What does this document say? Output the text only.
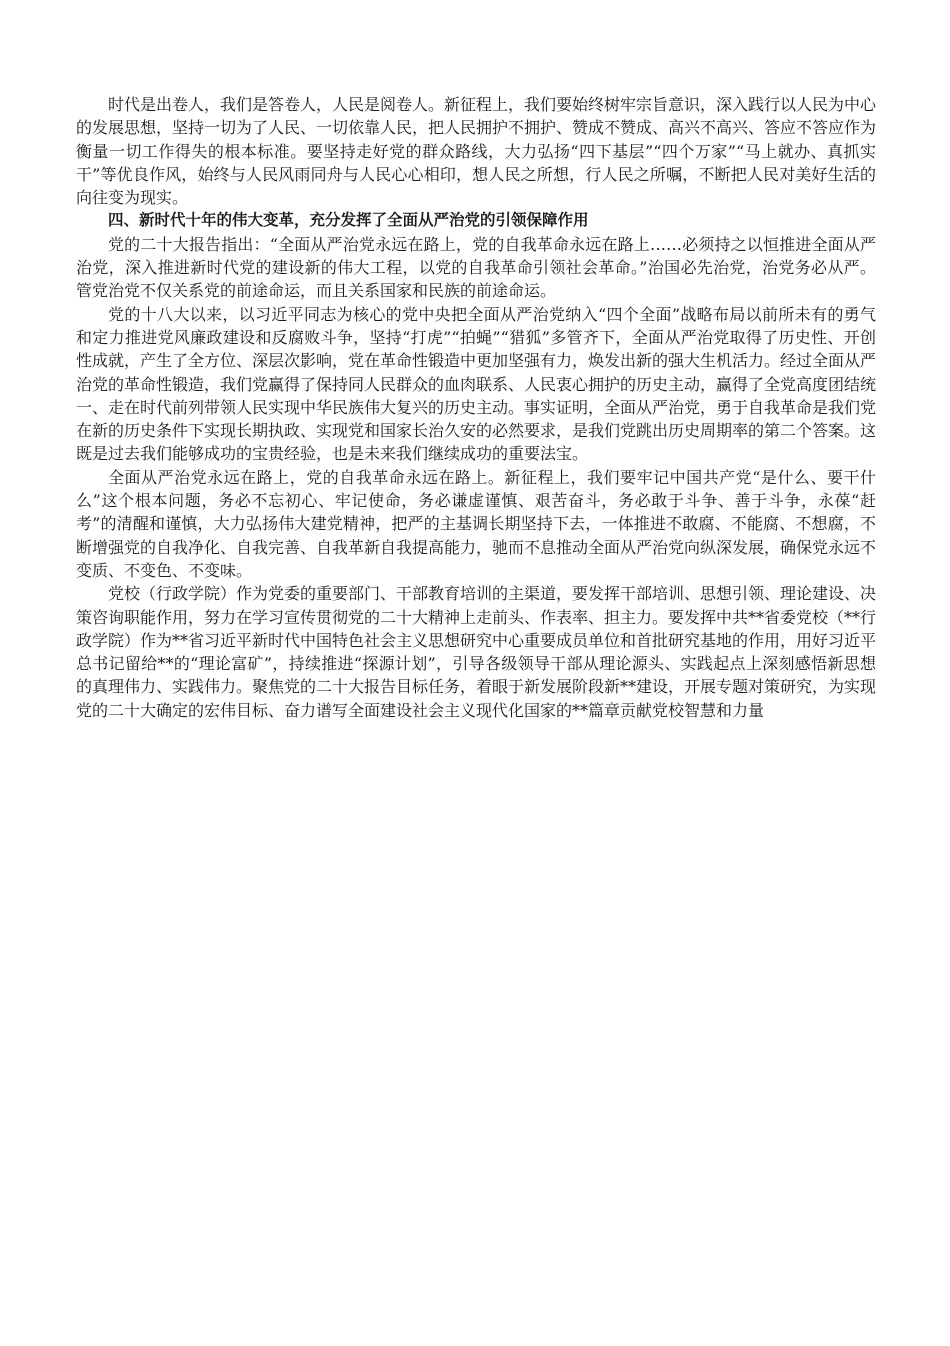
时代是出卷人，我们是答卷人，人民是阅卷人。新征程上，我们要始终树牢宗旨意识，深入践行以人民为中心的发展思想，坚持一切为了人民、一切依靠人民，把人民拥护不拥护、赞成不赞成、高兴不高兴、答应不答应作为衡量一切工作得失的根本标准。要坚持走好党的群众路线，大力弘扬“四下基层”“四个万家”“马上就办、真抓实干”等优良作风，始终与人民风雨同舟与人民心心相印，想人民之所想，行人民之所嘱，不断把人民对美好生活的向往变为现实。

四、新时代十年的伟大变革，充分发挥了全面从严治党的引领保障作用

党的二十大报告指出：“全面从严治党永远在路上，党的自我革命永远在路上……必须持之以恒推进全面从严治党，深入推进新时代党的建设新的伟大工程，以党的自我革命引领社会革命。”治国必先治党，治党务必从严。管党治党不仅关系党的前途命运，而且关系国家和民族的前途命运。

党的十八大以来，以习近平同志为核心的党中央把全面从严治党纳入“四个全面”战略布局以前所未有的勇气和定力推进党风廉政建设和反腐败斗争，坚持“打虎”“拍蝇”“猎狐”多管齐下，全面从严治党取得了历史性、开创性成就，产生了全方位、深层次影响，党在革命性锻造中更加坚强有力，焕发出新的强大生机活力。经过全面从严治党的革命性锻造，我们党赢得了保持同人民群众的血肉联系、人民衷心拥护的历史主动，赢得了全党高度团结统一、走在时代前列带领人民实现中华民族伟大复兴的历史主动。事实证明，全面从严治党，勇于自我革命是我们党在新的历史条件下实现长期执政、实现党和国家长治久安的必然要求，是我们党跳出历史周期率的第二个答案。这既是过去我们能够成功的宝贵经验，也是未来我们继续成功的重要法宝。

全面从严治党永远在路上，党的自我革命永远在路上。新征程上，我们要牢记中国共产党“是什么、要干什么”这个根本问题，务必不忘初心、牢记使命，务必谦虚谨慎、艰苦奋斗，务必敢于斗争、善于斗争，永葆“赶考”的清醒和谨慎，大力弘扬伟大建党精神，把严的主基调长期坚持下去，一体推进不敢腐、不能腐、不想腐，不断增强党的自我净化、自我完善、自我革新自我提高能力，驰而不息推动全面从严治党向纵深发展，确保党永远不变质、不变色、不变味。

党校（行政学院）作为党委的重要部门、干部教育培训的主渠道，要发挥干部培训、思想引领、理论建设、决策咨询职能作用，努力在学习宣传贯彻党的二十大精神上走前头、作表率、担主力。要发挥中共**省委党校（**行政学院）作为**省习近平新时代中国特色社会主义思想研究中心重要成员单位和首批研究基地的作用，用好习近平总书记留给**的“理论富矿”，持续推进“探源计划”，引导各级领导干部从理论源头、实践起点上深刻感悟新思想的真理伟力、实践伟力。聚焦党的二十大报告目标任务，着眼于新发展阶段新**建设，开展专题对策研究，为实现党的二十大确定的宏伟目标、奋力谱写全面建设社会主义现代化国家的**篇章贡献党校智慧和力量
